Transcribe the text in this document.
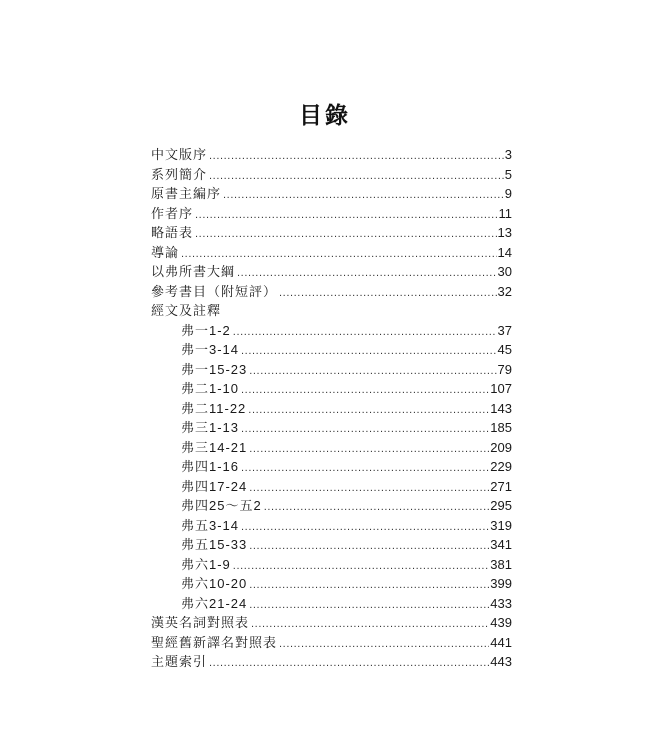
目錄
中文版序 .....	3
系列簡介 .....	5
原書主編序 .....	9
作者序 .....	11
略語表 .....	13
導論 .....	14
以弗所書大綱 .....	30
參考書目（附短評） .....	32
經文及註釋
弗一1-2 .....	37
弗一3-14 .....	45
弗一15-23 .....	79
弗二1-10 .....	107
弗二11-22 .....	143
弗三1-13 .....	185
弗三14-21 .....	209
弗四1-16 .....	229
弗四17-24 .....	271
弗四25～五2 .....	295
弗五3-14 .....	319
弗五15-33 .....	341
弗六1-9 .....	381
弗六10-20 .....	399
弗六21-24 .....	433
漢英名詞對照表 .....	439
聖經舊新譯名對照表 .....	441
主題索引 .....	443
